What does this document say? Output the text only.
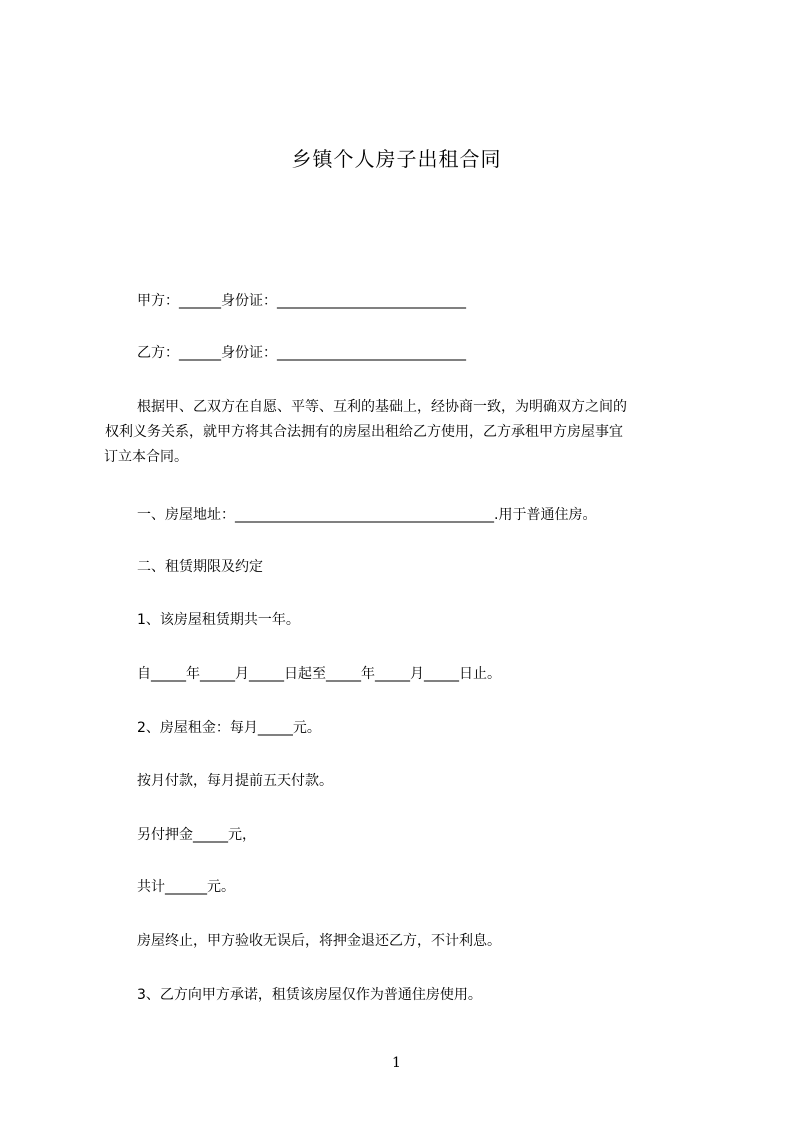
乡镇个人房子出租合同
甲方：______身份证：___________________________
乙方：______身份证：___________________________

根据甲、乙双方在自愿、平等、互利的基础上，经协商一致，为明确双方之间的

权利义务关系，就甲方将其合法拥有的房屋出租给乙方使用，乙方承租甲方房屋事宜

订立本合同。

一、房屋地址：_____________________________________.用于普通住房。
二、租赁期限及约定
1、该房屋租赁期共一年。
自_____年_____月_____日起至_____年_____月_____日止。
2、房屋租金：每月_____元。
按月付款，每月提前五天付款。
另付押金_____元，
共计______元。
房屋终止，甲方验收无误后，将押金退还乙方，不计利息。
3、乙方向甲方承诺，租赁该房屋仅作为普通住房使用。
1
